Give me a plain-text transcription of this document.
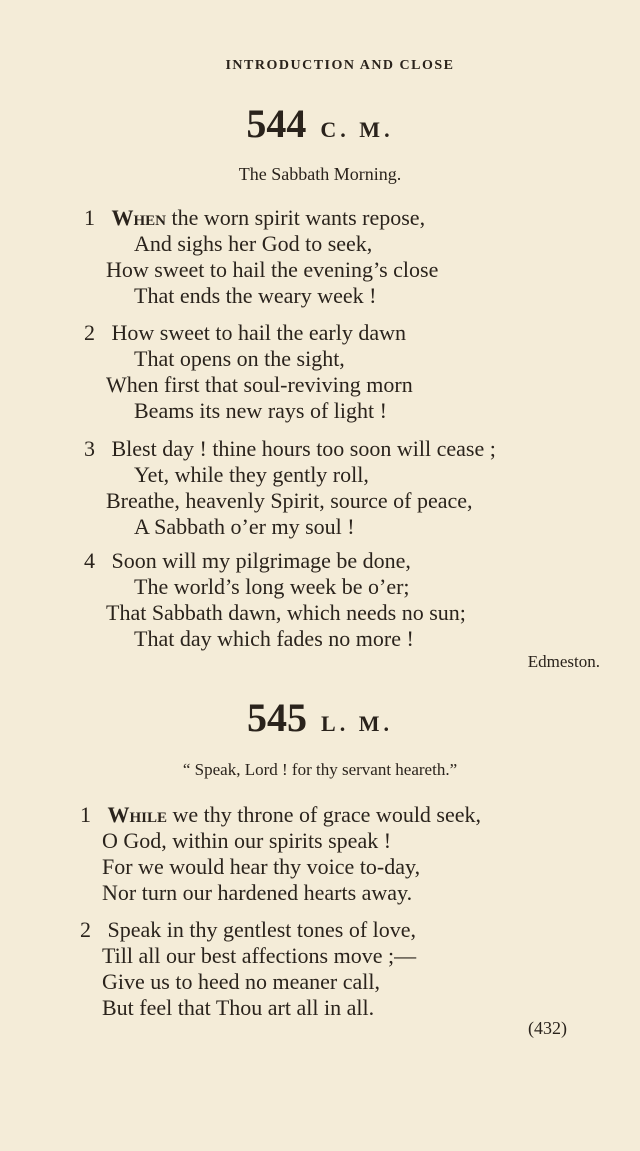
INTRODUCTION AND CLOSE
544 C. M.
The Sabbath Morning.
1 When the worn spirit wants repose,
And sighs her God to seek,
How sweet to hail the evening’s close
That ends the weary week !
2 How sweet to hail the early dawn
That opens on the sight,
When first that soul-reviving morn
Beams its new rays of light !
3 Blest day ! thine hours too soon will cease ;
Yet, while they gently roll,
Breathe, heavenly Spirit, source of peace,
A Sabbath o’er my soul !
4 Soon will my pilgrimage be done,
The world’s long week be o’er;
That Sabbath dawn, which needs no sun;
That day which fades no more !
Edmeston.
545 L. M.
“ Speak, Lord ! for thy servant heareth.”
1 While we thy throne of grace would seek,
O God, within our spirits speak !
For we would hear thy voice to-day,
Nor turn our hardened hearts away.
2 Speak in thy gentlest tones of love,
Till all our best affections move ;—
Give us to heed no meaner call,
But feel that Thou art all in all.
(432)
